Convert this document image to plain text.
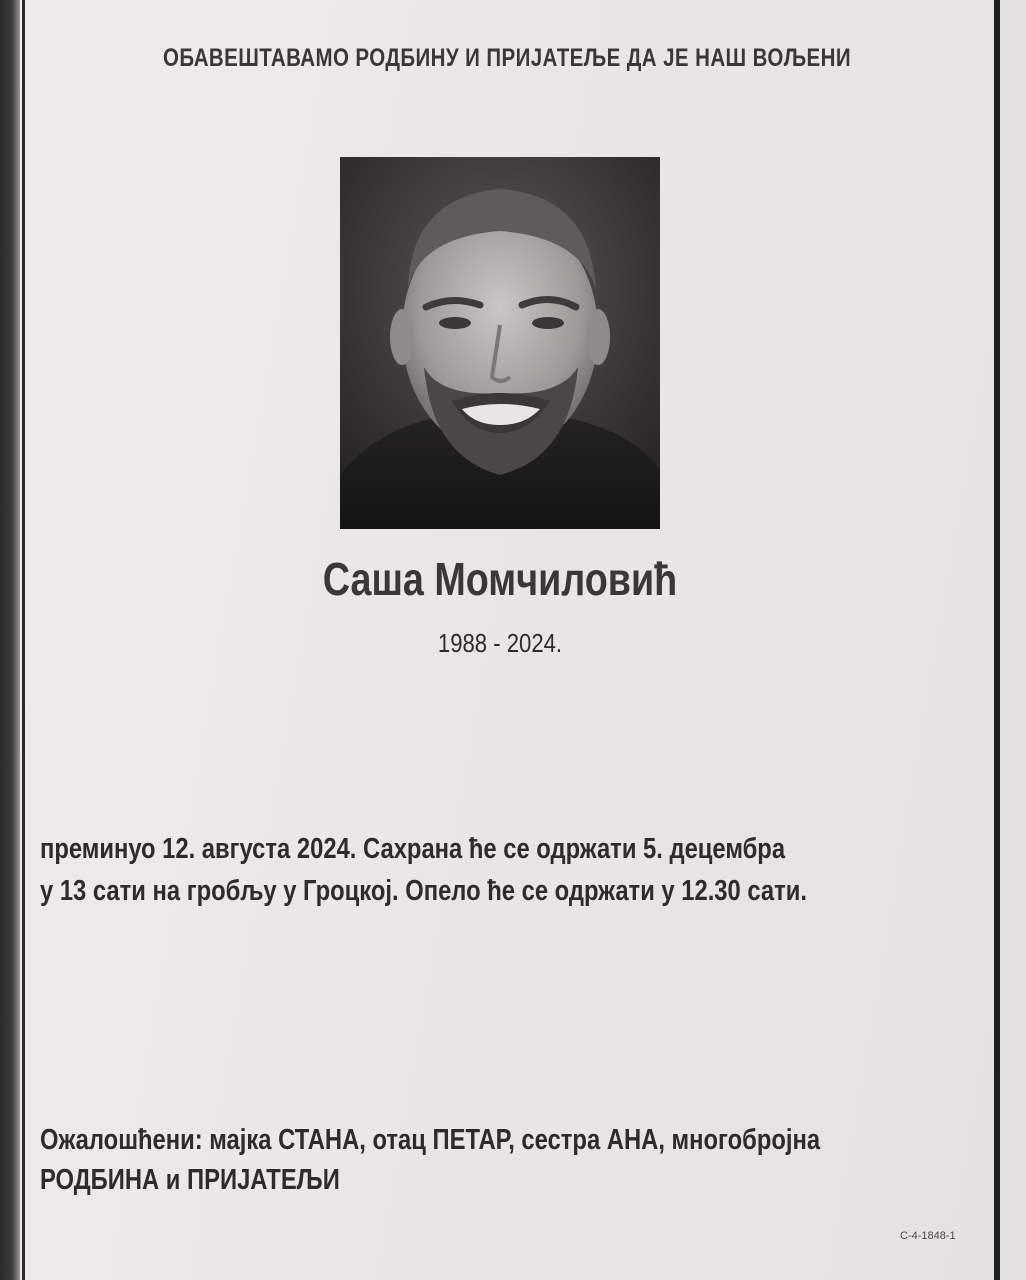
ОБАВЕШТАВАМО РОДБИНУ И ПРИЈАТЕЉЕ ДА ЈЕ НАШ ВОЉЕНИ
Саша Момчиловић
1988 - 2024.
преминуо 12. августа 2024. Сахрана ће се одржати 5. децембра
у 13 сати на гробљу у Гроцкој. Опело ће се одржати у 12.30 сати.
Ожалошћени: мајка СТАНА, отац ПЕТАР, сестра АНА, многобројна
РОДБИНА и ПРИЈАТЕЉИ
С-4-1848-1
